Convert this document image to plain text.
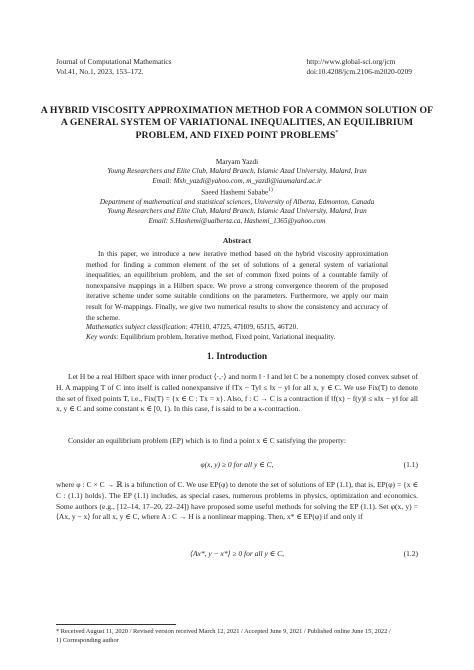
Journal of Computational Mathematics
Vol.41, No.1, 2023, 153–172.
http://www.global-sci.org/jcm
doi:10.4208/jcm.2106-m2020-0209
A HYBRID VISCOSITY APPROXIMATION METHOD FOR A COMMON SOLUTION OF A GENERAL SYSTEM OF VARIATIONAL INEQUALITIES, AN EQUILIBRIUM PROBLEM, AND FIXED POINT PROBLEMS*
Maryam Yazdi
Young Researchers and Elite Club, Malard Branch, Islamic Azad University, Malard, Iran
Email: Msh_yazdi@yahoo.com, m_yazdi@iaumalard.ac.ir
Saeed Hashemi Sababe$^{1)}$
Department of mathematical and statistical sciences, University of Alberta, Edmonton, Canada
Young Researchers and Elite Club, Malard Branch, Islamic Azad University, Malard, Iran
Email: S.Hashemi@ualberta.ca, Hashemi_1365@yahoo.com
Abstract

In this paper, we introduce a new iterative method based on the hybrid viscosity approximation method for finding a common element of the set of solutions of a general system of variational inequalities, an equilibrium problem, and the set of common fixed points of a countable family of nonexpansive mappings in a Hilbert space. We prove a strong convergence theorem of the proposed iterative scheme under some suitable conditions on the parameters. Furthermore, we apply our main result for W-mappings. Finally, we give two numerical results to show the consistency and accuracy of the scheme.

Mathematics subject classification: 47H10, 47J25, 47H09, 65J15, 46T20.
Key words: Equilibrium problem, Iterative method, Fixed point, Variational inequality.
1. Introduction

Let H be a real Hilbert space with inner product ⟨·,·⟩ and norm ‖ · ‖ and let C be a nonempty closed convex subset of H. A mapping T of C into itself is called nonexpansive if ‖Tx − Ty‖ ≤ ‖x − y‖ for all x, y ∈ C. We use Fix(T) to denote the set of fixed points T, i.e., Fix(T) = {x ∈ C : Tx = x}. Also, f : C → C is a contraction if ‖f(x) − f(y)‖ ≤ κ‖x − y‖ for all x, y ∈ C and some constant κ ∈ [0, 1). In this case, f is said to be a κ-contraction.

Consider an equilibrium problem (EP) which is to find a point x ∈ C satisfying the property:

φ(x, y) ≥ 0 for all y ∈ C,	(1.1)

where φ : C × C → ℝ is a bifunction of C. We use EP(φ) to denote the set of solutions of EP (1.1), that is, EP(φ) = {x ∈ C : (1.1) holds}. The EP (1.1) includes, as special cases, numerous problems in physics, optimization and economics. Some authors (e.g., [12–14, 17–20, 22–24]) have proposed some useful methods for solving the EP (1.1). Set φ(x, y) = ⟨Ax, y − x⟩ for all x, y ∈ C, where A : C → H is a nonlinear mapping. Then, x* ∈ EP(φ) if and only if

⟨Ax*, y − x*⟩ ≥ 0 for all y ∈ C,	(1.2)
* Received August 11, 2020 / Revised version received March 12, 2021 / Accepted June 9, 2021 / Published online June 15, 2022 /
1) Corresponding author
